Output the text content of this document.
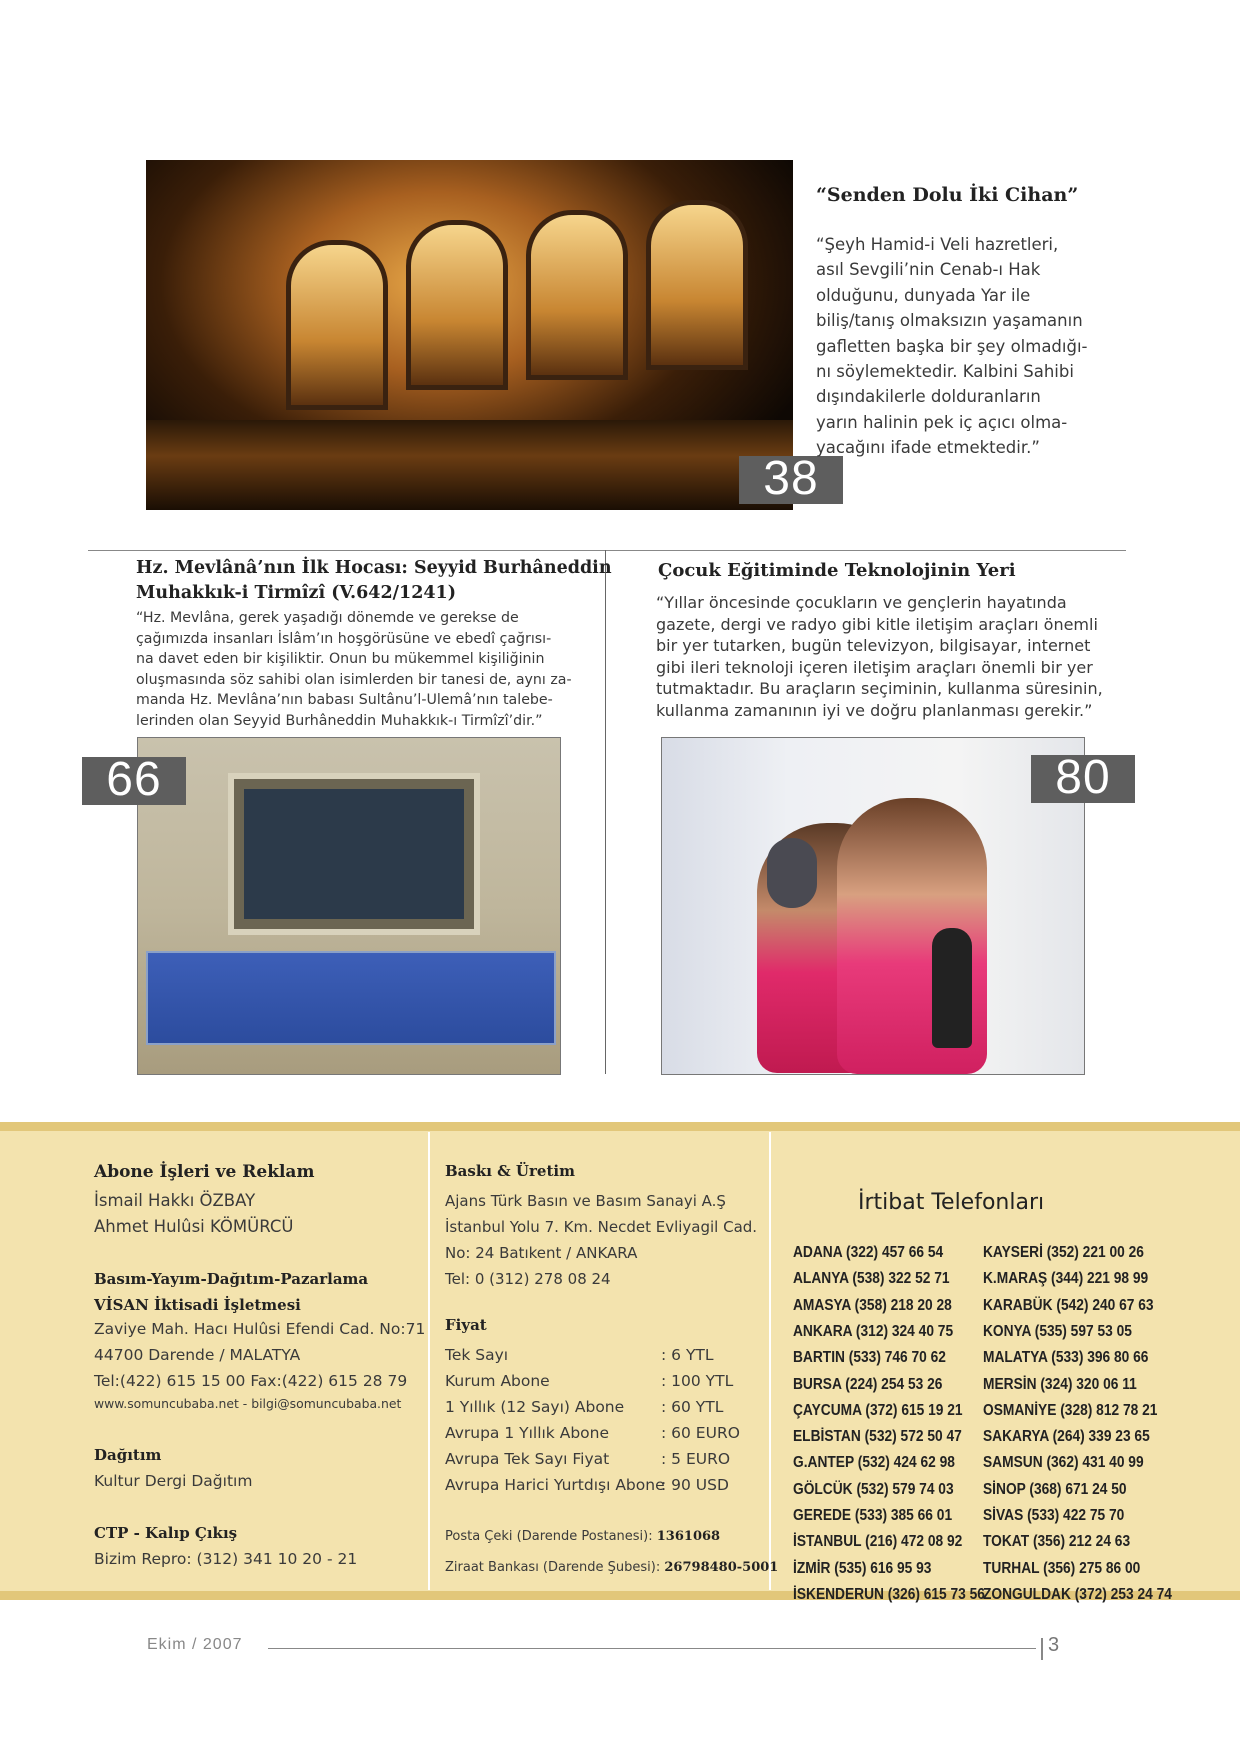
38
“Senden Dolu İki Cihan”
“Şeyh Hamid-i Veli hazretleri,
asıl Sevgili’nin Cenab-ı Hak
olduğunu, dunyada Yar ile
biliş/tanış olmaksızın yaşamanın
gafletten başka bir şey olmadığı-
nı söylemektedir. Kalbini Sahibi
dışındakilerle dolduranların
yarın halinin pek iç açıcı olma-
yacağını ifade etmektedir.”
Hz. Mevlânâ’nın İlk Hocası: Seyyid Burhâneddin
Muhakkık-i Tirmîzî (V.642/1241)
“Hz. Mevlâna, gerek yaşadığı dönemde ve gerekse de
çağımızda insanları İslâm’ın hoşgörüsüne ve ebedî çağrısı-
na davet eden bir kişiliktir. Onun bu mükemmel kişiliğinin
oluşmasında söz sahibi olan isimlerden bir tanesi de, aynı za-
manda Hz. Mevlâna’nın babası Sultânu’l-Ulemâ’nın talebe-
lerinden olan Seyyid Burhâneddin Muhakkık-ı Tirmîzî’dir.”
66
Çocuk Eğitiminde Teknolojinin Yeri
“Yıllar öncesinde çocukların ve gençlerin hayatında
gazete, dergi ve radyo gibi kitle iletişim araçları önemli
bir yer tutarken, bugün televizyon, bilgisayar, internet
gibi ileri teknoloji içeren iletişim araçları önemli bir yer
tutmaktadır. Bu araçların seçiminin, kullanma süresinin,
kullanma zamanının iyi ve doğru planlanması gerekir.”
80
Abone İşleri ve Reklam
İsmail Hakkı ÖZBAY
Ahmet Hulûsi KÖMÜRCÜ
Basım-Yayım-Dağıtım-Pazarlama
VİSAN İktisadi İşletmesi
Zaviye Mah. Hacı Hulûsi Efendi Cad. No:71
44700 Darende / MALATYA
Tel:(422) 615 15 00 Fax:(422) 615 28 79
www.somuncubaba.net - bilgi@somuncubaba.net
Dağıtım
Kultur Dergi Dağıtım
CTP - Kalıp Çıkış
Bizim Repro: (312) 341 10 20 - 21
Baskı & Üretim
Ajans Türk Basın ve Basım Sanayi A.Ş
İstanbul Yolu 7. Km. Necdet Evliyagil Cad.
No: 24 Batıkent / ANKARA
Tel: 0 (312) 278 08 24
Fiyat
Tek Sayı	: 6 YTL
Kurum Abone	: 100 YTL
1 Yıllık (12 Sayı) Abone : 60 YTL
Avrupa 1 Yıllık Abone	: 60 EURO
Avrupa Tek Sayı Fiyat	: 5 EURO
Avrupa Harici Yurtdışı Abone
: 90 USD
Posta Çeki (Darende Postanesi): 1361068
Ziraat Bankası (Darende Şubesi): 26798480-5001
İrtibat Telefonları
ADANA (322) 457 66 54
ALANYA (538) 322 52 71
AMASYA (358) 218 20 28
ANKARA (312) 324 40 75
BARTIN (533) 746 70 62
BURSA (224) 254 53 26
ÇAYCUMA (372) 615 19 21
ELBİSTAN (532) 572 50 47
G.ANTEP (532) 424 62 98
GÖLCÜK (532) 579 74 03
GEREDE (533) 385 66 01
İSTANBUL (216) 472 08 92
İZMİR (535) 616 95 93
İSKENDERUN (326) 615 73 56
KAYSERİ (352) 221 00 26
K.MARAŞ (344) 221 98 99
KARABÜK (542) 240 67 63
KONYA (535) 597 53 05
MALATYA (533) 396 80 66
MERSİN (324) 320 06 11
OSMANİYE (328) 812 78 21
SAKARYA (264) 339 23 65
SAMSUN (362) 431 40 99
SİNOP (368) 671 24 50
SİVAS (533) 422 75 70
TOKAT (356) 212 24 63
TURHAL (356) 275 86 00
ZONGULDAK (372) 253 24 74
Ekim / 2007	3
